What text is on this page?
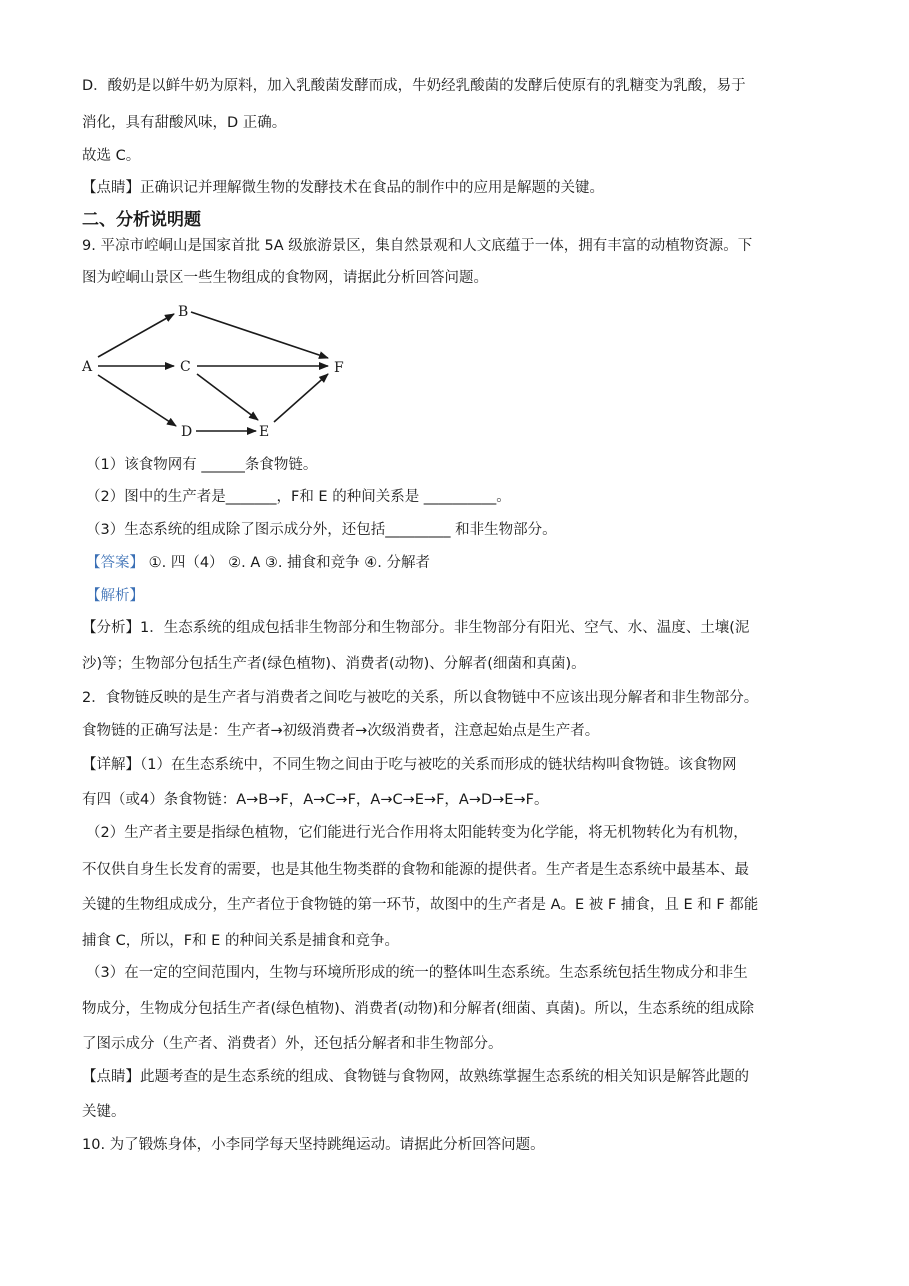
D．酸奶是以鲜牛奶为原料，加入乳酸菌发酵而成，牛奶经乳酸菌的发酵后使原有的乳糖变为乳酸，易于
消化，具有甜酸风味，D 正确。
故选 C。
【点睛】正确识记并理解微生物的发酵技术在食品的制作中的应用是解题的关键。
二、分析说明题
9. 平凉市崆峒山是国家首批 5A 级旅游景区，集自然景观和人文底蕴于一体，拥有丰富的动植物资源。下
图为崆峒山景区一些生物组成的食物网，请据此分析回答问题。
A
B
C
D	E
F
（1）该食物网有 ______条食物链。
（2）图中的生产者是_______，F和 E 的种间关系是 __________。
（3）生态系统的组成除了图示成分外，还包括_________ 和非生物部分。
【答案】 ①. 四（4） ②. A ③. 捕食和竞争 ④. 分解者
【解析】
【分析】1．生态系统的组成包括非生物部分和生物部分。非生物部分有阳光、空气、水、温度、土壤(泥
沙)等；生物部分包括生产者(绿色植物)、消费者(动物)、分解者(细菌和真菌)。
2．食物链反映的是生产者与消费者之间吃与被吃的关系，所以食物链中不应该出现分解者和非生物部分。
食物链的正确写法是：生产者→初级消费者→次级消费者，注意起始点是生产者。
【详解】（1）在生态系统中，不同生物之间由于吃与被吃的关系而形成的链状结构叫食物链。该食物网
有四（或4）条食物链：A→B→F，A→C→F，A→C→E→F，A→D→E→F。
（2）生产者主要是指绿色植物，它们能进行光合作用将太阳能转变为化学能，将无机物转化为有机物，
不仅供自身生长发育的需要，也是其他生物类群的食物和能源的提供者。生产者是生态系统中最基本、最
关键的生物组成成分，生产者位于食物链的第一环节，故图中的生产者是 A。E 被 F 捕食，且 E 和 F 都能
捕食 C，所以，F和 E 的种间关系是捕食和竞争。
（3）在一定的空间范围内，生物与环境所形成的统一的整体叫生态系统。生态系统包括生物成分和非生
物成分，生物成分包括生产者(绿色植物)、消费者(动物)和分解者(细菌、真菌)。所以，生态系统的组成除
了图示成分（生产者、消费者）外，还包括分解者和非生物部分。
【点睛】此题考查的是生态系统的组成、食物链与食物网，故熟练掌握生态系统的相关知识是解答此题的
关键。
10. 为了锻炼身体，小李同学每天坚持跳绳运动。请据此分析回答问题。
